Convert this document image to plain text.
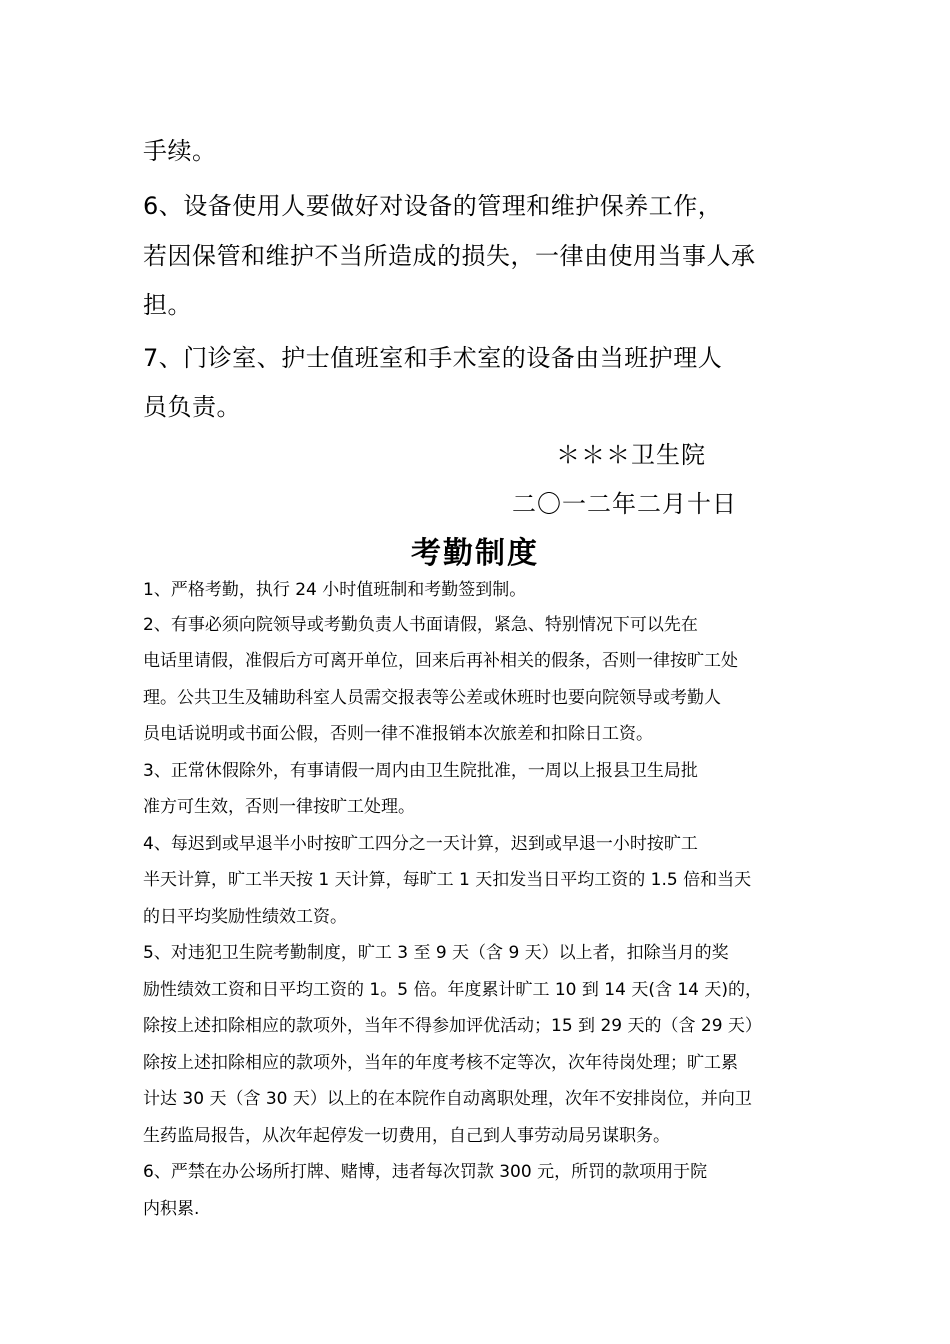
手续。

6、设备使用人要做好对设备的管理和维护保养工作，

若因保管和维护不当所造成的损失，一律由使用当事人承

担。

7、门诊室、护士值班室和手术室的设备由当班护理人

员负责。

＊＊＊卫生院

二〇一二年二月十日

考勤制度

1、严格考勤，执行 24 小时值班制和考勤签到制。

2、有事必须向院领导或考勤负责人书面请假，紧急、特别情况下可以先在

电话里请假，准假后方可离开单位，回来后再补相关的假条，否则一律按旷工处

理。公共卫生及辅助科室人员需交报表等公差或休班时也要向院领导或考勤人

员电话说明或书面公假，否则一律不准报销本次旅差和扣除日工资。

3、正常休假除外，有事请假一周内由卫生院批准，一周以上报县卫生局批

准方可生效，否则一律按旷工处理。

4、每迟到或早退半小时按旷工四分之一天计算，迟到或早退一小时按旷工

半天计算，旷工半天按 1 天计算，每旷工 1 天扣发当日平均工资的 1.5 倍和当天

的日平均奖励性绩效工资。

5、对违犯卫生院考勤制度，旷工 3 至 9 天（含 9 天）以上者，扣除当月的奖

励性绩效工资和日平均工资的 1。5 倍。年度累计旷工 10 到 14 天(含 14 天)的，

除按上述扣除相应的款项外，当年不得参加评优活动；15 到 29 天的（含 29 天）

除按上述扣除相应的款项外，当年的年度考核不定等次，次年待岗处理；旷工累

计达 30 天（含 30 天）以上的在本院作自动离职处理，次年不安排岗位，并向卫

生药监局报告，从次年起停发一切费用，自己到人事劳动局另谋职务。

6、严禁在办公场所打牌、赌博，违者每次罚款 300 元，所罚的款项用于院

内积累.
